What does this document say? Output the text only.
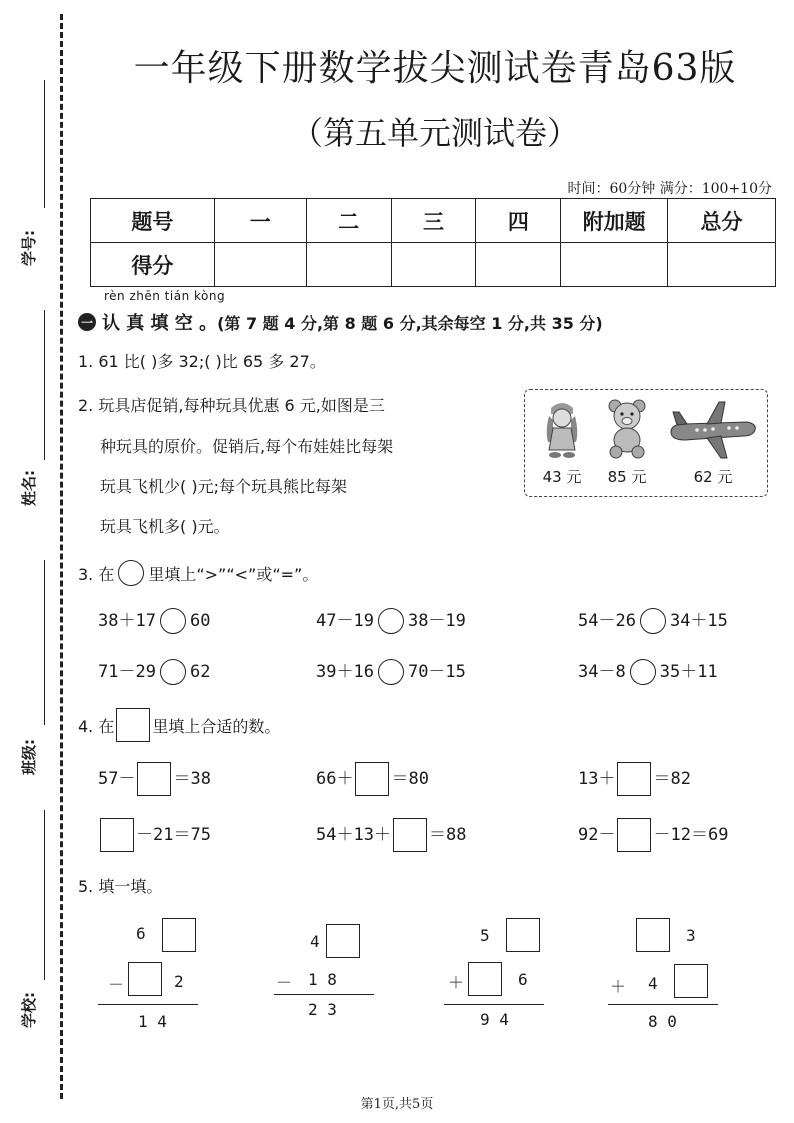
学号:
姓名:
班级:
学校:
一年级下册数学拔尖测试卷青岛63版
（第五单元测试卷）
时间：60分钟 满分：100+10分
题号	一	二	三	四	附加题	总分
得分						
rèn zhēn tián kòng
一 认 真 填 空 。 (第 7 题 4 分,第 8 题 6 分,其余每空 1 分,共 35 分)
1. 61 比( )多 32;( )比 65 多 27。
2. 玩具店促销,每种玩具优惠 6 元,如图是三
种玩具的原价。促销后,每个布娃娃比每架
玩具飞机少( )元;每个玩具熊比每架
玩具飞机多( )元。
43 元	85 元	62 元
3. 在 里填上“>”“<”或“=”。
38＋17 60	47－19 38－19	54－26 34＋15
71－29 62	39＋16 70－15	34－8 35＋11
4. 在 里填上合适的数。
57－ ＝38	66＋ ＝80	13＋ ＝82
－21＝75	54＋13＋ ＝88	92－ －12＝69
5. 填一填。
6
－	2
1 4
4
－ 1 8
2 3
5
＋	6
9 4
3
＋ 4
8 0
第1页,共5页
